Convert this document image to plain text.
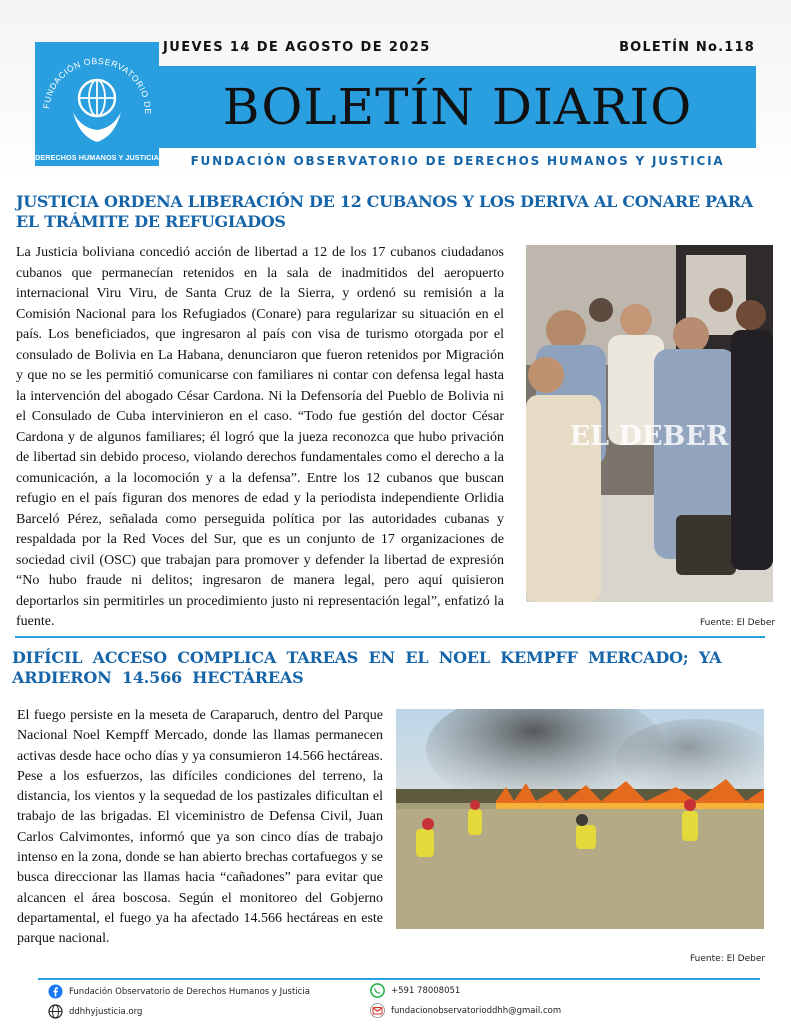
FUNDACIÓN OBSERVATORIO DE
DERECHOS HUMANOS Y JUSTICIA
JUEVES 14 DE AGOSTO DE 2025	BOLETÍN No.118
BOLETÍN DIARIO
FUNDACIÓN OBSERVATORIO DE DERECHOS HUMANOS Y JUSTICIA
JUSTICIA ORDENA LIBERACIÓN DE 12 CUBANOS Y LOS DERIVA AL CONARE PARA EL TRÁMITE DE REFUGIADOS
La Justicia boliviana concedió acción de libertad a 12 de los 17 cubanos ciudadanos cubanos que permanecían retenidos en la sala de inadmitidos del aeropuerto internacional Viru Viru, de Santa Cruz de la Sierra, y ordenó su remisión a la Comisión Nacional para los Refugiados (Conare) para regularizar su situación en el país. Los beneficiados, que ingresaron al país con visa de turismo otorgada por el consulado de Bolivia en La Habana, denunciaron que fueron retenidos por Migración y que no se les permitió comunicarse con familiares ni contar con defensa legal hasta la intervención del abogado César Cardona. Ni la Defensoría del Pueblo de Bolivia ni el Consulado de Cuba intervinieron en el caso. “Todo fue gestión del doctor César Cardona y de algunos familiares; él logró que la jueza reconozca que hubo privación de libertad sin debido proceso, violando derechos fundamentales como el derecho a la comunicación, a la locomoción y a la defensa”. Entre los 12 cubanos que buscan refugio en el país figuran dos menores de edad y la periodista independiente Orlidia Barceló Pérez, señalada como perseguida política por las autoridades cubanas y respaldada por la Red Voces del Sur, que es un conjunto de 17 organizaciones de sociedad civil (OSC) que trabajan para promover y defender la libertad de expresión “No hubo fraude ni delitos; ingresaron de manera legal, pero aquí quisieron deportarlos sin permitirles un procedimiento justo ni representación legal”, enfatizó la fuente.
EL DEBER
Fuente: El Deber
DIFÍCIL ACCESO COMPLICA TAREAS EN EL NOEL KEMPFF MERCADO; YA ARDIERON 14.566 HECTÁREAS
El fuego persiste en la meseta de Caraparuch, dentro del Parque Nacional Noel Kempff Mercado, donde las llamas permanecen activas desde hace ocho días y ya consumieron 14.566 hectáreas. Pese a los esfuerzos, las difíciles condiciones del terreno, la distancia, los vientos y la sequedad de los pastizales dificultan el trabajo de las brigadas. El viceministro de Defensa Civil, Juan Carlos Calvimontes, informó que ya son cinco días de trabajo intenso en la zona, donde se han abierto brechas cortafuegos y se busca direccionar las llamas hacia “cañadones” para evitar que alcancen el área boscosa. Según el monitoreo del Gobjerno departamental, el fuego ya ha afectado 14.566 hectáreas en este parque nacional.
Fuente: El Deber
Fundación Observatorio de Derechos Humanos y Justicia
ddhhyjusticia.org
+591 78008051
fundacionobservatorioddhh@gmail.com
